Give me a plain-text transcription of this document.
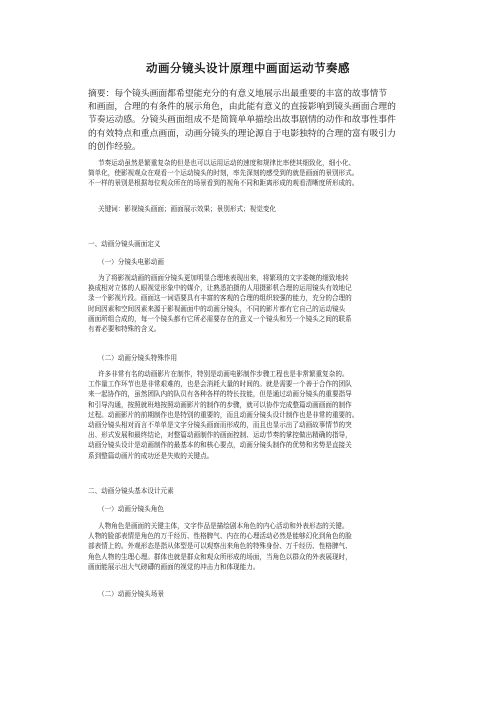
动画分镜头设计原理中画面运动节奏感
摘要：每个镜头画面都希望能充分的有意义地展示出最重要的丰富的故事情节
和画面，合理的有条件的展示角色，由此能有意义的直接影响到镜头画面合理的
节奏运动感。分镜头画面组成不是简简单单描绘出故事剧情的动作和故事性事件
的有效特点和重点画面，动画分镜头的理论源自于电影独特的合理的富有吸引力
的创作经验。
节奏运动虽然是繁重复杂的但是也可以运用运动的速度和规律比率使其细致化，细小化、
简单化，使影视观众在观看一个运动镜头的时刻，率先深刻的感受到的就是画面的景别形式。
不一样的景别是根据每位观众所在的场景看到的视角不同和距离形成的观看清晰度所形成的。
关键词：影视镜头画面；画面展示效果；景别形式；视觉变化
一、动画分镜头画面定义
（一）分镜头电影动画
为了将影视动画的画面分镜头更加明显合理地表现出来，将繁琐的文字委婉的细致地转
换成相对立体的人眼视觉形象中的媒介，让熟悉拍摄的人用摄影机合理的运用镜头有效地记
录一个影视片段。画面这一词语要具有丰富的客观的合理的组织较强的能力，充分的合理的
时间因素和空间因素来源于影视画面中的动画分镜头，不同的影片都有它自己的运动镜头
画面所组合成的，每一个镜头都有它所必需要存在的意义一个镜头和另一个镜头之间的联系
有着必要和特殊的含义。
（二）动画分镜头特殊作用
许多非常有名的动画影片在制作，特别是动画电影制作步骤工程也是非常繁重复杂的。
工作量工作环节也是非常艰难的，也是会消耗大量的时间的。就是需要一个善于合作的团队
来一起协作的，虽然团队内的队员有各种各样的特长技能，但是通过动画分镜头的重要指导
和引导沟通，按照就班地按照动画影片的制作的步骤，就可以协作完成整篇动画画面的制作
过程。动画影片的前期制作也是特别的重要的，而且动画分镜头设计制作也是非常的重要的。
动画分镜头相对而言不单单是文字分镜头画面而形成的，而且也显示出了动画故事情节的突
出、形式发展和最终结论，对整篇动画制作的画面控制、运动节奏的掌控做出精确的指导，
动画分镜头设计是动画制作的最基本的和核心要点，动画分镜头制作的优势和劣势是直接关
系到整篇动画片的成功还是失败的关键点。
二、动画分镜头基本设计元素
（一）动画分镜头角色
人物角色是画面的关键主体，文字作品是描绘剧本角色的内心活动和外表形态的关键。
人物的脸部表情是角色的万千经历、性格脾气、内在的心理活动必然是能够幻化到角色的脸
部表情上的。外观形态是指从体型是可以观察出来角色的特殊身份、万千经历、性格脾气、
角色人物的生理心理。群体也就是群众和观众所形成的场面，当角色以群众的外表展现时，
画面能展示出大气磅礴的画面的视觉的冲击力和体现能力。
（二）动画分镜头场景
